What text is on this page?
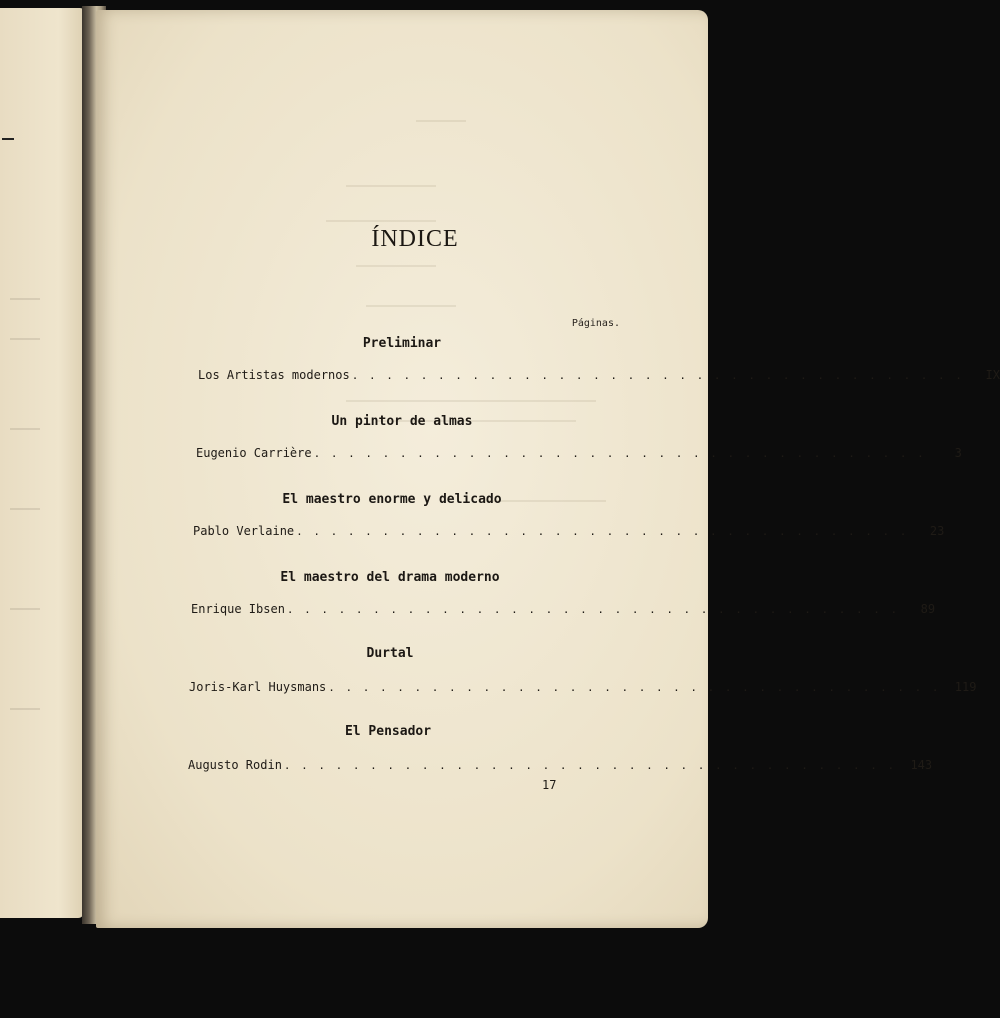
ÍNDICE
Páginas.
Preliminar
Los Artistas modernos . . . . . . . . . . . . . . . . . . . . . . . . . . . . . . . . . . . .	IX
Un pintor de almas
Eugenio Carrière . . . . . . . . . . . . . . . . . . . . . . . . . . . . . . . . . . . .	3
El maestro enorme y delicado
Pablo Verlaine . . . . . . . . . . . . . . . . . . . . . . . . . . . . . . . . . . . .	23
El maestro del drama moderno
Enrique Ibsen . . . . . . . . . . . . . . . . . . . . . . . . . . . . . . . . . . . .	89
Durtal
Joris-Karl Huysmans . . . . . . . . . . . . . . . . . . . . . . . . . . . . . . . . . . . .	119
El Pensador
Augusto Rodin . . . . . . . . . . . . . . . . . . . . . . . . . . . . . . . . . . . .	143
17
